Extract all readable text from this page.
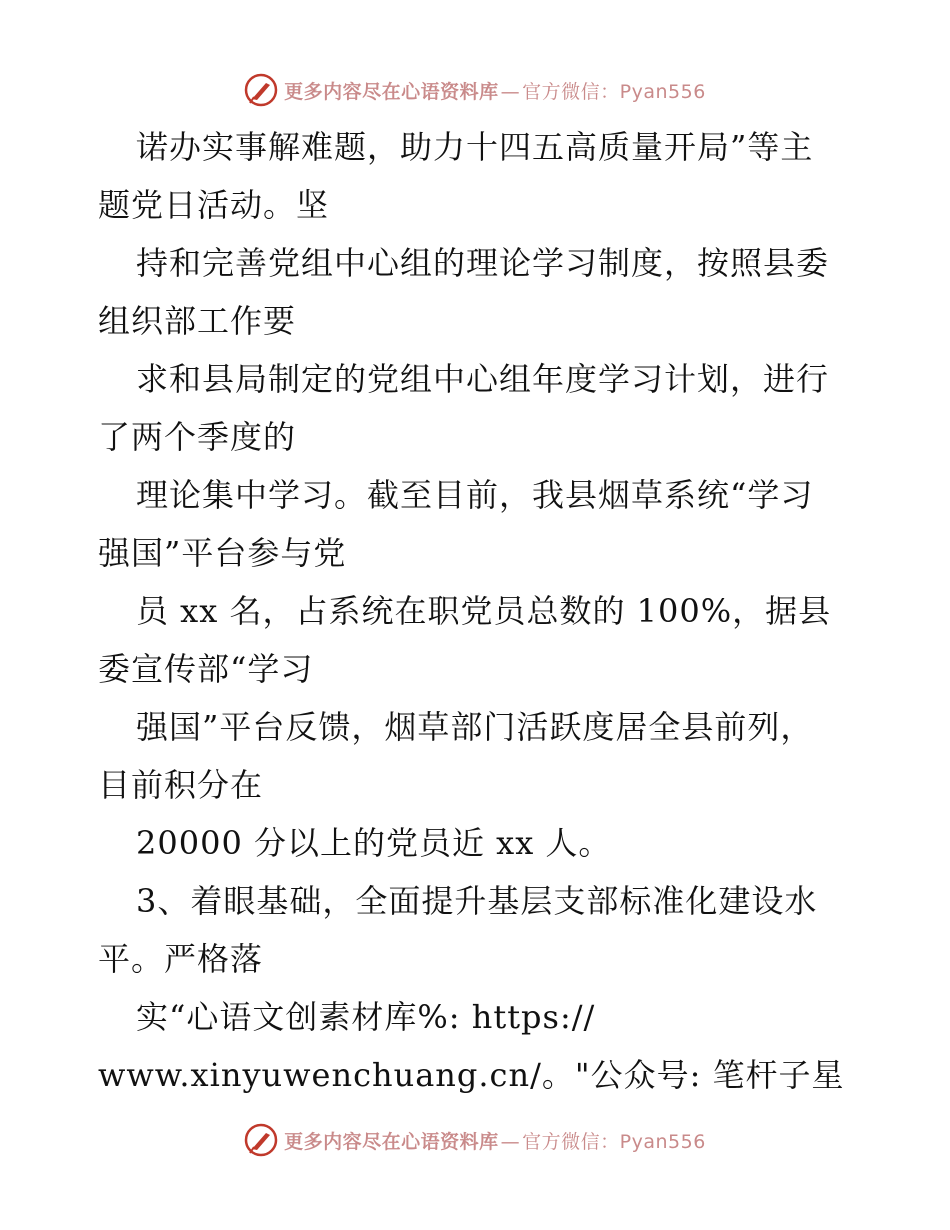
更多内容尽在心语资料库 — 官方微信：Pyan556
诺办实事解难题，助力十四五高质量开局”等主
题党日活动。坚
持和完善党组中心组的理论学习制度，按照县委
组织部工作要
求和县局制定的党组中心组年度学习计划，进行
了两个季度的
理论集中学习。截至目前，我县烟草系统“学习
强国”平台参与党
员 xx 名，占系统在职党员总数的 100%，据县
委宣传部“学习
强国”平台反馈，烟草部门活跃度居全县前列，
目前积分在
20000 分以上的党员近 xx 人。
3、着眼基础，全面提升基层支部标准化建设水
平。严格落
实“心语文创素材库%: https://
www.xinyuwenchuang.cn/。"公众号: 笔杆子星
更多内容尽在心语资料库 — 官方微信：Pyan556
